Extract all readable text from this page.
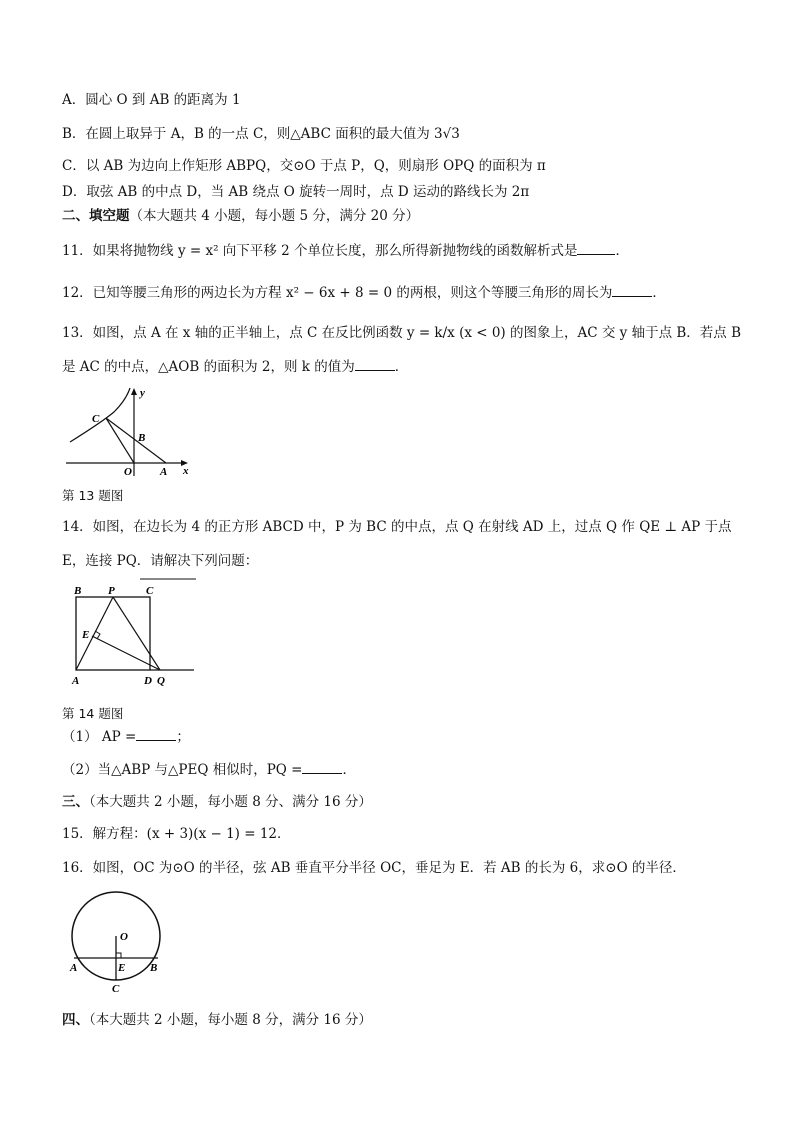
A．圆心 O 到 AB 的距离为 1
B．在圆上取异于 A，B 的一点 C，则△ABC 面积的最大值为 3√3
C．以 AB 为边向上作矩形 ABPQ，交⊙O 于点 P，Q，则扇形 OPQ 的面积为 π
D．取弦 AB 的中点 D，当 AB 绕点 O 旋转一周时，点 D 运动的路线长为 2π
二、填空题（本大题共 4 小题，每小题 5 分，满分 20 分）
11．如果将抛物线 y = x² 向下平移 2 个单位长度，那么所得新抛物线的函数解析式是	．
12．已知等腰三角形的两边长为方程 x² − 6x + 8 = 0 的两根，则这个等腰三角形的周长为	．
13．如图，点 A 在 x 轴的正半轴上，点 C 在反比例函数 y = k/x (x < 0) 的图象上，AC 交 y 轴于点 B．若点 B
是 AC 的中点，△AOB 的面积为 2，则 k 的值为	．
C
y
B
O	A x
第 13 题图
14．如图，在边长为 4 的正方形 ABCD 中，P 为 BC 的中点，点 Q 在射线 AD 上，过点 Q 作 QE ⊥ AP 于点
E，连接 PQ．请解决下列问题：
B P	C
E
A	D Q
第 14 题图
（1） AP =	；
（2）当△ABP 与△PEQ 相似时，PQ =	．
三、（本大题共 2 小题，每小题 8 分、满分 16 分）
15．解方程：(x + 3)(x − 1) = 12．
16．如图，OC 为⊙O 的半径，弦 AB 垂直平分半径 OC，垂足为 E．若 AB 的长为 6，求⊙O 的半径．
O
A	E B
C
四、（本大题共 2 小题，每小题 8 分，满分 16 分）
